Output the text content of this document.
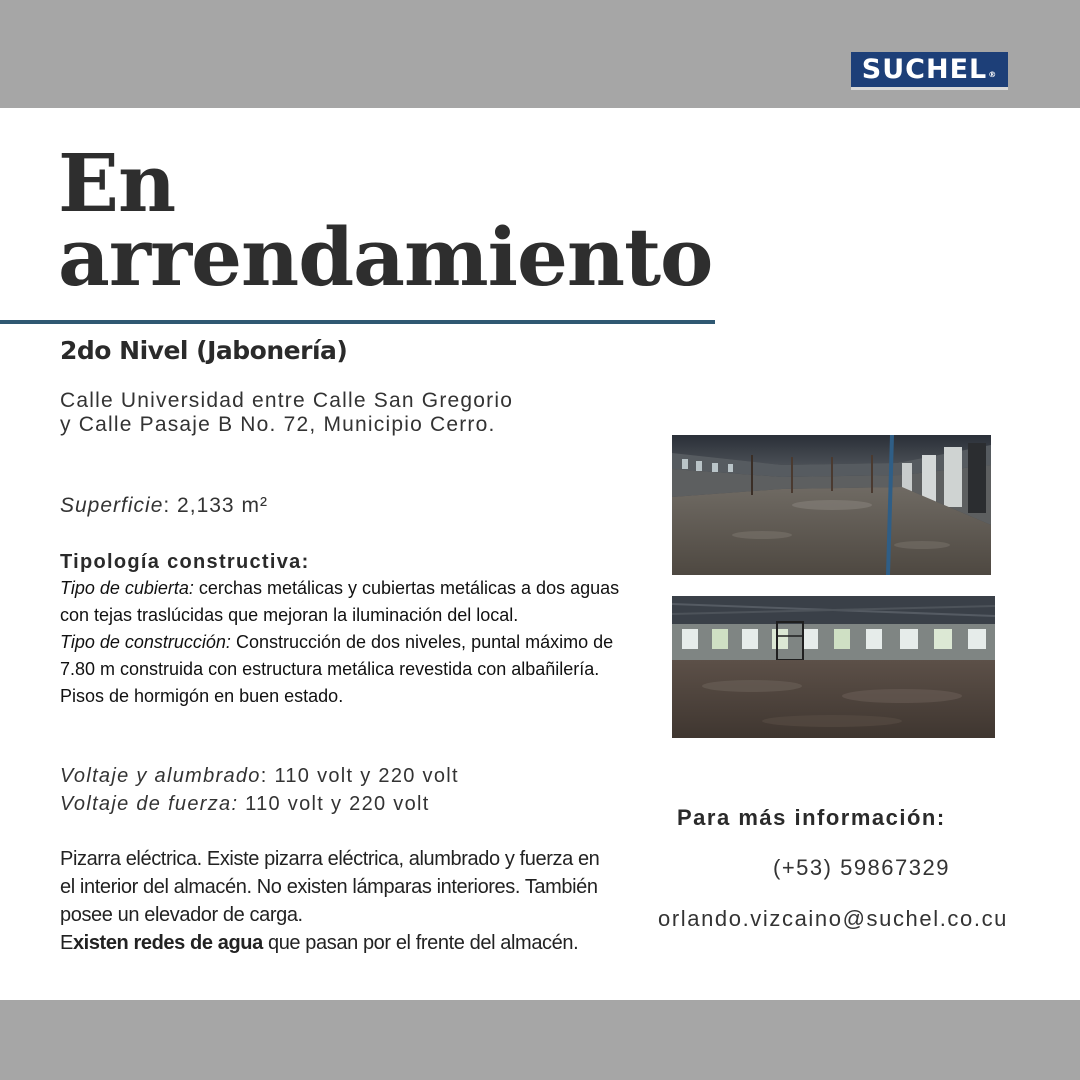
SUCHEL®
En
arrendamiento
2do Nivel (Jabonería)
Calle Universidad entre Calle San Gregorio
y Calle Pasaje B No. 72, Municipio Cerro.
Superficie: 2,133 m²
Tipología constructiva:
Tipo de cubierta: cerchas metálicas y cubiertas metálicas a dos aguas con tejas traslúcidas que mejoran la iluminación del local.
Tipo de construcción: Construcción de dos niveles, puntal máximo de 7.80 m construida con estructura metálica revestida con albañilería. Pisos de hormigón en buen estado.
Voltaje y alumbrado: 110 volt y 220 volt
Voltaje de fuerza: 110 volt y 220 volt
Pizarra eléctrica. Existe pizarra eléctrica, alumbrado y fuerza en el interior del almacén. No existen lámparas interiores. También posee un elevador de carga.
Existen redes de agua que pasan por el frente del almacén.
Para más información:
(+53) 59867329
orlando.vizcaino@suchel.co.cu
